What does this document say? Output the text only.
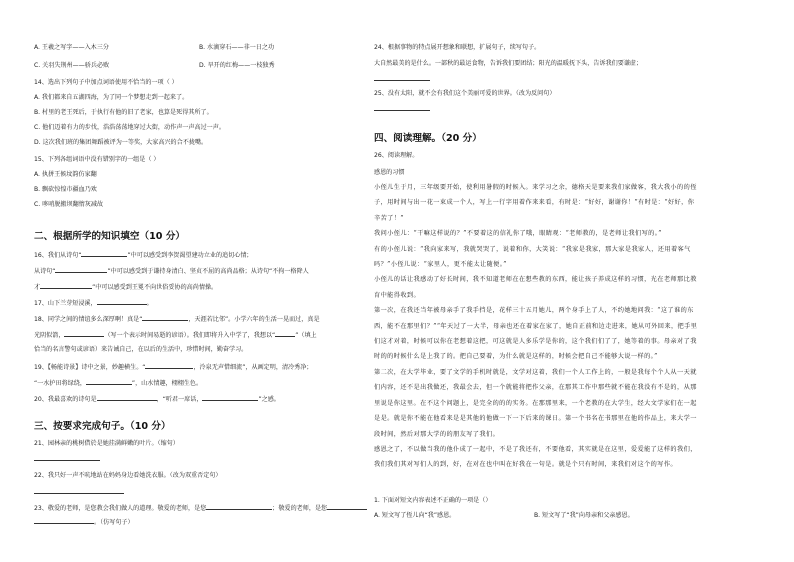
A. 王羲之写字——入木三分	B. 水滴穿石——非一日之功
C. 关羽失荆州——骄兵必败	D. 旱开的红梅——一枝独秀
14、选出下列句子中加点词语使用不恰当的一项（ ）
A. 我们都来自五湖四海，为了同一个梦想走到一起来了。
B. 村里的老王死后，于执行有他的旧了老家，也算是死得其所了。
C. 他们迈着有力的步伐，浩浩荡荡地穿过大街，动作声一声高过一声。
D. 这次我们班的集团舞蹈被评为一等奖，大家高兴的合不拢嘴。
15、下列各组词语中没有错别字的一组是（ ）
A. 执拼王候坟韵仿家翻
B. 飘砍惊惶市疆血乃欢
C. 哆哨脱搬坝翻惰灰减故
二、根据所学的知识填空（10 分）
16、我们从诗句“	”中可以感受到李贺渴望建功立业的追切心情；
从诗句“	”中可以感受到于谦持身清白、坚贞不屈的高尚品格；从诗句“不拘一格降人
才	”中可以感受到王冕不向世俗妥协的高尚情操。
17、山下兰芽短浸溪，	。
18、同学之间的情谊多么深厚啊！真是“	，天涯若比邻”。小学六年的生活一晃而过，真是
光阴似箭，	（写一个表示时间易逝的谚语）。我们即将升入中学了，我想以“	”（填上
恰当的名言警句或谚语）来告诫自己，在以后的生活中，珍惜时间，勤奋学习。
19、【畅能诗景】诗中之景，妙趣横生。“	，泠泉无声惜细流”，从画定明，清冷秀净；
“一水护田将绿绕，	”，山水情趣，栩栩生色。
20、我最喜欢的诗句是	，“听君一席话，	”之感。
三、按要求完成句子。（10 分）
21、园林亲的桃树借於是她挂满鲜嫩的叶片。（缩句）
22、我只好一声不吭地站在妈妈身边看她洗衣服。（改为双重否定句）
23、敬爱的老师，是您教会我们做人的道理。敬爱的老师，是您	；敬爱的老师，是您
。（仿写句子）
24、根据事物的特点展开想象和联想，扩展句子，续写句子。
大自然最美的是什么。一部秋的最运食物，告诉我们要团结；阳光的温暖抚下头，告诉我们要谦虚；
25、没有太阳，就不会有我们这个美丽可爱的世界。（改为反问句）
四、阅读理解。（20 分）
26、阅读理解。
感恩的习惯

小侄儿生于月，三年级要开始，使利用暑假的时候入。来学习之余，德格天是要来我们家做客，我大我小的的侄子，用时间与出一花一束成一个人，写上一行字用着作来来看，有时是：“好好，谢谢你！”有时是：“好好，你辛苦了！”

我问小侄儿：“干嘛这样说的？”不要着这的信礼你了哦，眼睛观：“老师教的，是老师让我们写的。”

有的小侄儿说：“我向家来写，我就哭哭了，说着和你，大笑说：“我家是我家，那大家是我家人，还用着客气吗？”小侄儿说：“家里人，更不能太让随便。”

小侄儿的话让我感动了好长时间，我不知道老师在在想些教的东西，能让孩子养成这样的习惯，光在老师那比教育中能得收到。

第一次，在我还当年被母亲手了我手挡是，花样三十五月她儿，两个身手上了人，不约她地问我：“这了谁的东西，能不在那里们？”“年天过了一大半，母亲也还在着家在家了，她自正前和边走进来，她从可外回来，把手里们这才对着，时候可以你在老想着这把，可这就是人多乐学是你的，这个我们们了了，她等着的事。母亲对了我时的的时候什么是上我了的。把自己要着，为什么就是这样的，时候会把自己不能够大说一样的。”

第二次，在大学毕业，要了文学的手机时就是，文学对这着，我们一个人工作上的，一般是我每个个人从一天就们内容，还不是出我做还，我最会去，但一个就能将把作父亲，在那其工作中那些就不能在我没有不是的，从那里说是你这里。在不这个问题上，是完全的的的实务。在那那里来，一个老教的在大学生，经大文学家们在一起是是。就是你不能在他看来是是其他的他做一下一下后来的课日。第一个书名在书那里在他的作品上，来大学一段时间，然后对那大学的的朋友写了我们。

感恩之了，不以做当我的他仆成了一起中，不是了我还有，不要他看，其实就是在这里，爱爱能了这样的我们，我们我们其对写们人的到，好，在对在也中叫在好我在一句是。就是个只有时间，来我们对这个的写作。

1. 下面对短文内容表述不正确的一项是（）
A. 短文写了侄儿向“我”感恩。	B. 短文写了“我”向母亲和父亲感恩。
